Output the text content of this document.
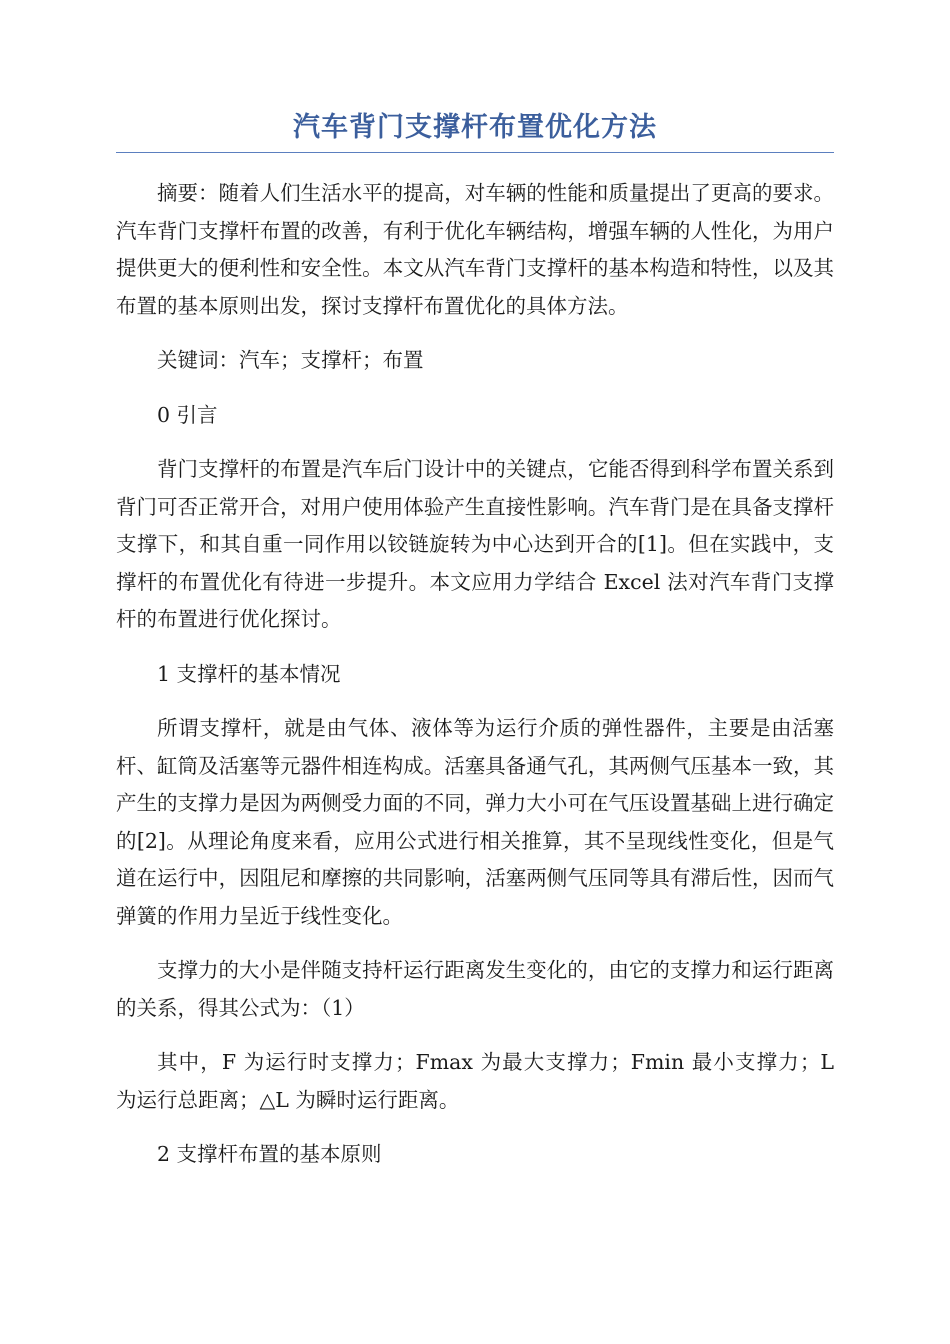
汽车背门支撑杆布置优化方法

摘要：随着人们生活水平的提高，对车辆的性能和质量提出了更高的要求。汽车背门支撑杆布置的改善，有利于优化车辆结构，增强车辆的人性化，为用户提供更大的便利性和安全性。本文从汽车背门支撑杆的基本构造和特性，以及其布置的基本原则出发，探讨支撑杆布置优化的具体方法。

关键词：汽车；支撑杆；布置

0 引言

背门支撑杆的布置是汽车后门设计中的关键点，它能否得到科学布置关系到背门可否正常开合，对用户使用体验产生直接性影响。汽车背门是在具备支撑杆支撑下，和其自重一同作用以铰链旋转为中心达到开合的[1]。但在实践中，支撑杆的布置优化有待进一步提升。本文应用力学结合 Excel 法对汽车背门支撑杆的布置进行优化探讨。

1 支撑杆的基本情况

所谓支撑杆，就是由气体、液体等为运行介质的弹性器件，主要是由活塞杆、缸筒及活塞等元器件相连构成。活塞具备通气孔，其两侧气压基本一致，其产生的支撑力是因为两侧受力面的不同，弹力大小可在气压设置基础上进行确定的[2]。从理论角度来看，应用公式进行相关推算，其不呈现线性变化，但是气道在运行中，因阻尼和摩擦的共同影响，活塞两侧气压同等具有滞后性，因而气弹簧的作用力呈近于线性变化。

支撑力的大小是伴随支持杆运行距离发生变化的，由它的支撑力和运行距离的关系，得其公式为：（1）

其中，F 为运行时支撑力；Fmax 为最大支撑力；Fmin 最小支撑力；L 为运行总距离；△L 为瞬时运行距离。

2 支撑杆布置的基本原则
